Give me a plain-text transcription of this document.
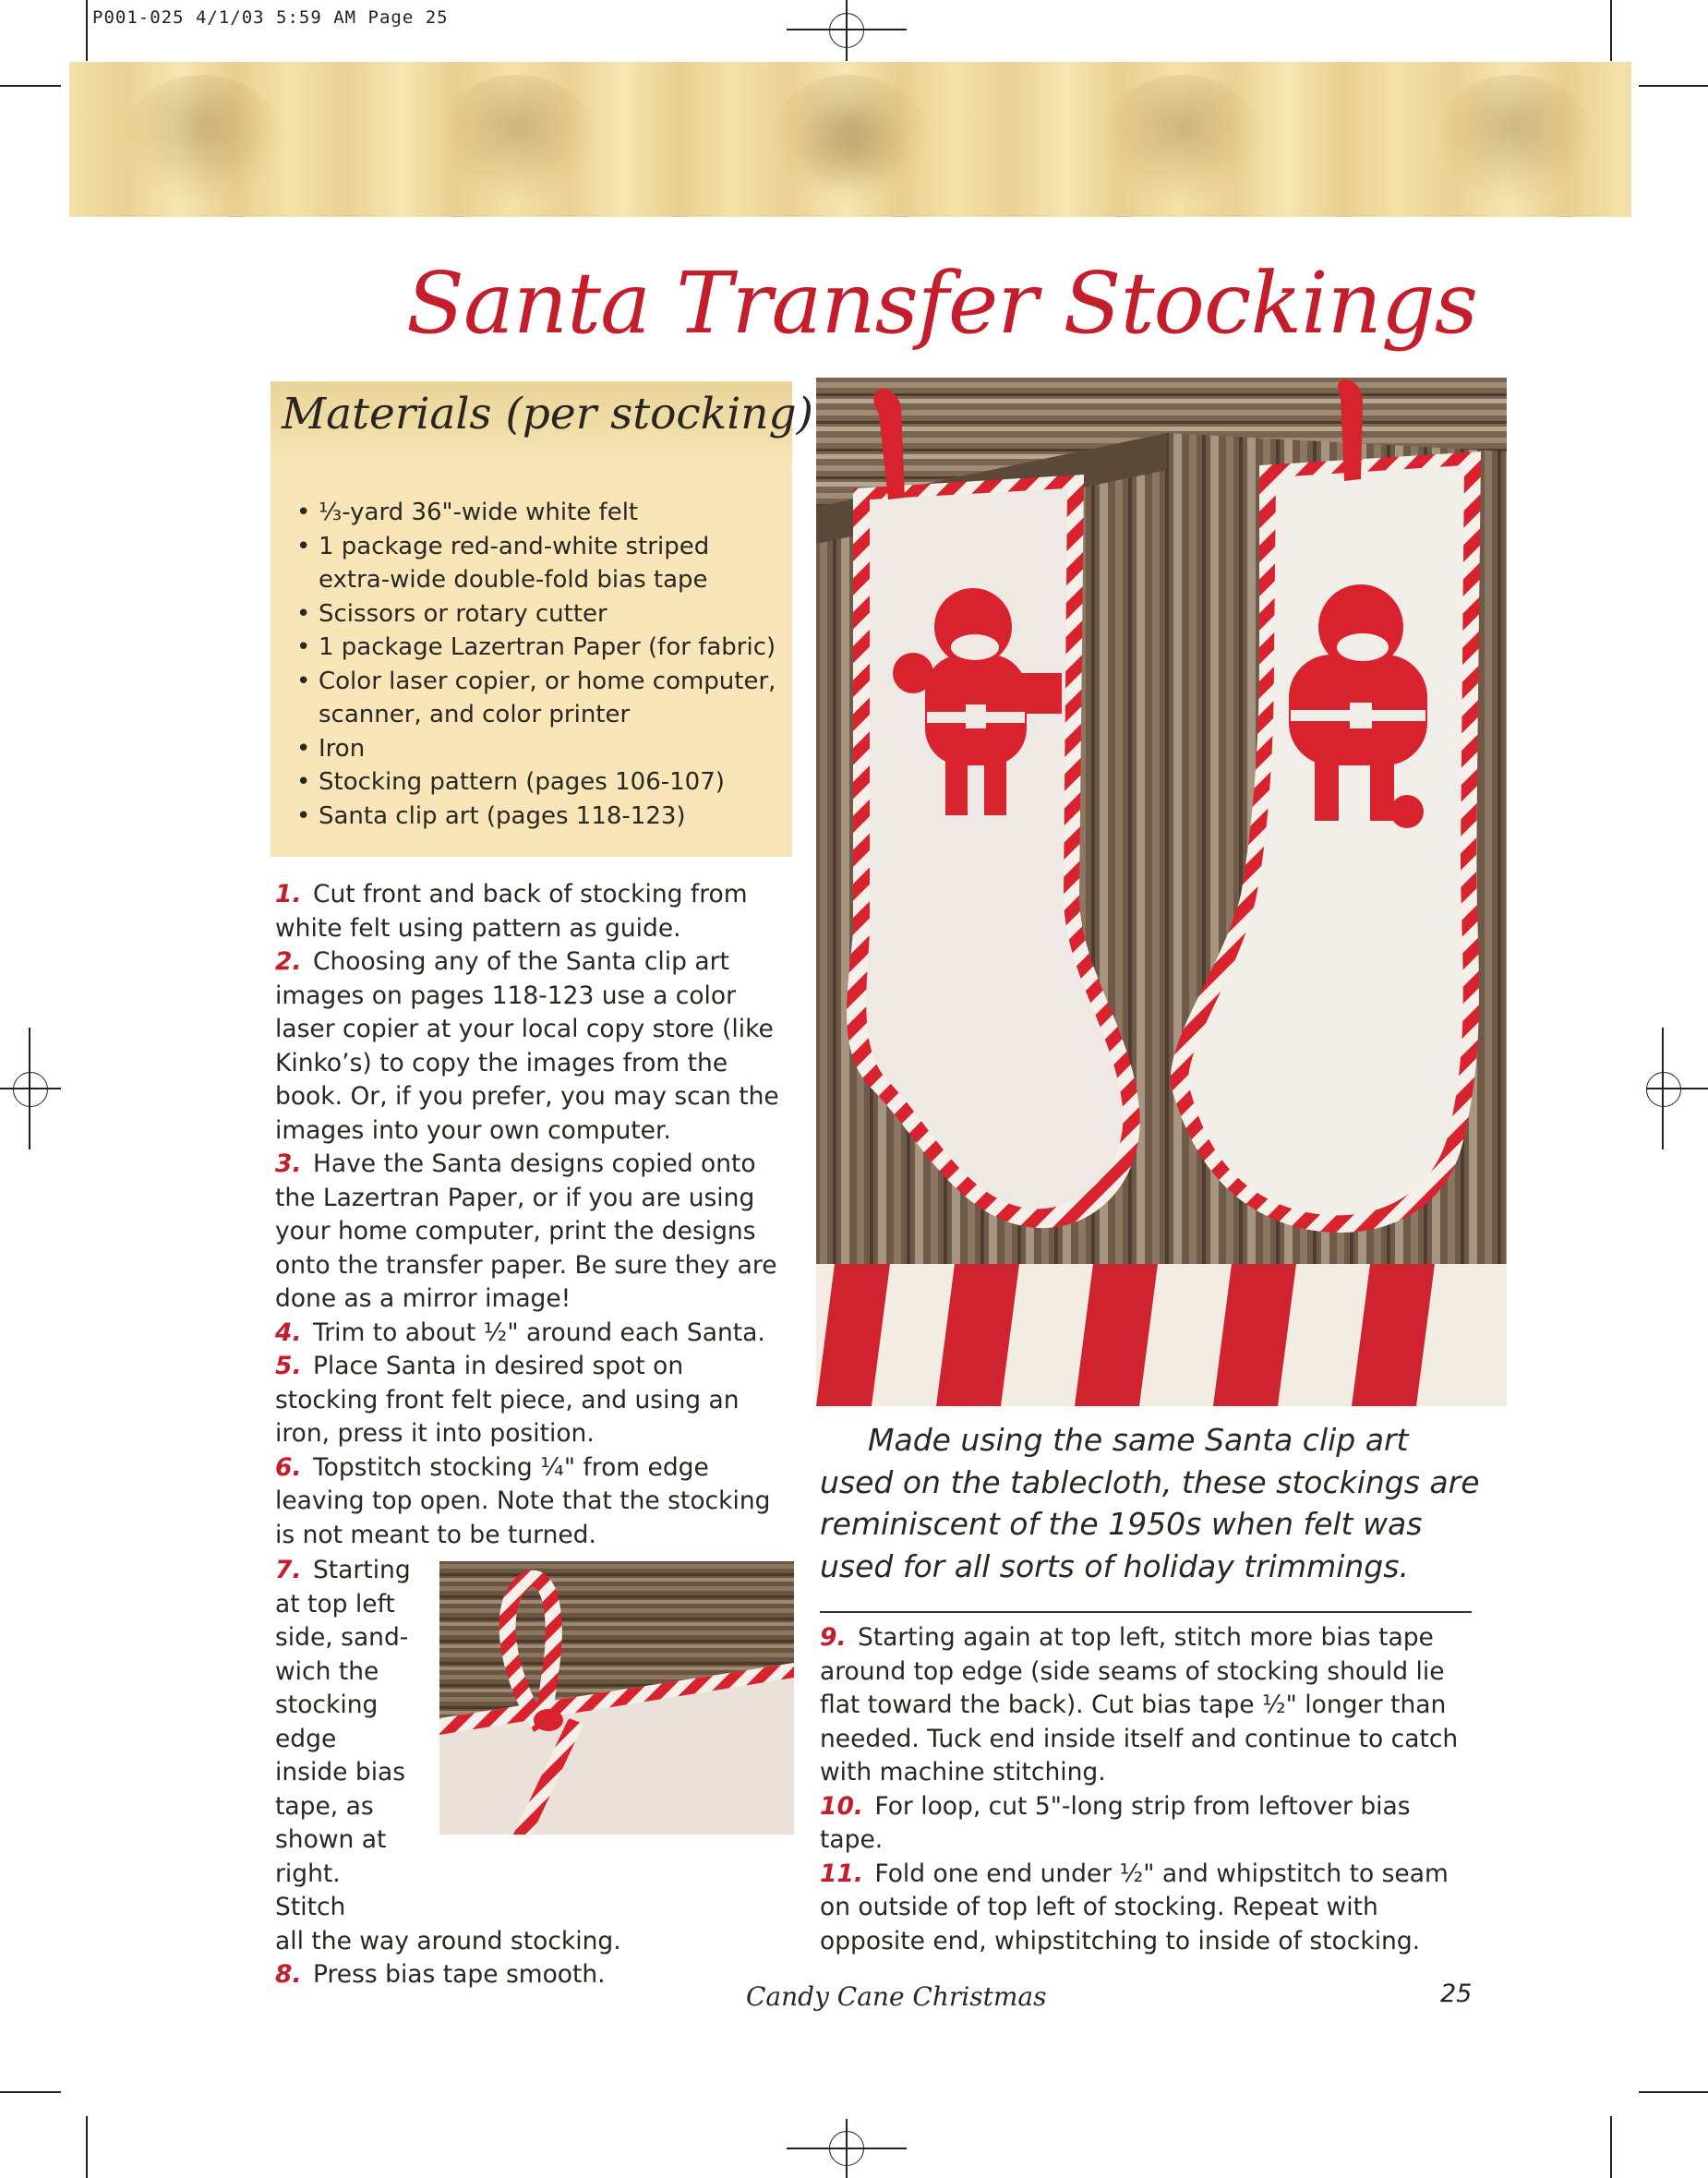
P001-025 4/1/03 5:59 AM Page 25
Santa Transfer Stockings
Materials (per stocking)
• ⅓-yard 36"-wide white felt
• 1 package red-and-white striped extra-wide double-fold bias tape
• Scissors or rotary cutter
• 1 package Lazertran Paper (for fabric)
• Color laser copier, or home computer, scanner, and color printer
• Iron
• Stocking pattern (pages 106-107)
• Santa clip art (pages 118-123)

1. Cut front and back of stocking from white felt using pattern as guide.

2. Choosing any of the Santa clip art images on pages 118-123 use a color laser copier at your local copy store (like Kinko’s) to copy the images from the book. Or, if you prefer, you may scan the images into your own computer.

3. Have the Santa designs copied onto the Lazertran Paper, or if you are using your home computer, print the designs onto the transfer paper. Be sure they are done as a mirror image!

4. Trim to about ½" around each Santa.

5. Place Santa in desired spot on stocking front felt piece, and using an iron, press it into position.

6. Topstitch stocking ¼" from edge leaving top open. Note that the stocking is not meant to be turned.

7. Starting at top left side, sand-wich the stocking edge inside bias tape, as shown at right. Stitch

all the way around stocking.

8. Press bias tape smooth.

Made using the same Santa clip art used on the tablecloth, these stockings are reminiscent of the 1950s when felt was used for all sorts of holiday trimmings.

9. Starting again at top left, stitch more bias tape around top edge (side seams of stocking should lie flat toward the back). Cut bias tape ½" longer than needed. Tuck end inside itself and continue to catch with machine stitching.

10. For loop, cut 5"-long strip from leftover bias tape.

11. Fold one end under ½" and whipstitch to seam on outside of top left of stocking. Repeat with opposite end, whipstitching to inside of stocking.

Candy Cane Christmas	25
